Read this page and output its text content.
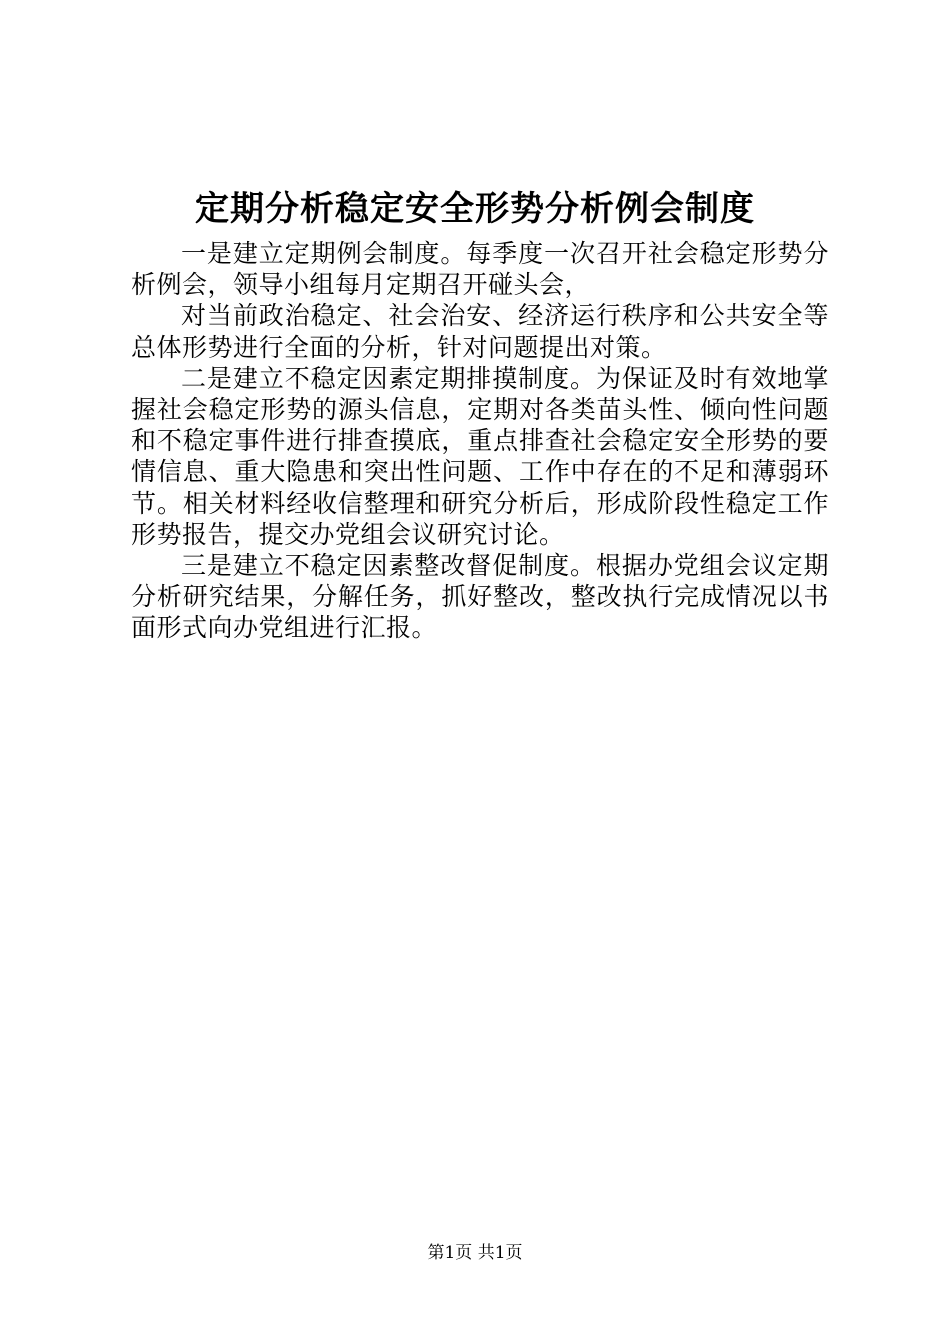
定期分析稳定安全形势分析例会制度

一是建立定期例会制度。每季度一次召开社会稳定形势分析例会，领导小组每月定期召开碰头会，

对当前政治稳定、社会治安、经济运行秩序和公共安全等总体形势进行全面的分析，针对问题提出对策。

二是建立不稳定因素定期排摸制度。为保证及时有效地掌握社会稳定形势的源头信息，定期对各类苗头性、倾向性问题和不稳定事件进行排查摸底，重点排查社会稳定安全形势的要情信息、重大隐患和突出性问题、工作中存在的不足和薄弱环节。相关材料经收信整理和研究分析后，形成阶段性稳定工作形势报告，提交办党组会议研究讨论。

三是建立不稳定因素整改督促制度。根据办党组会议定期分析研究结果，分解任务，抓好整改，整改执行完成情况以书面形式向办党组进行汇报。

第1页 共1页
